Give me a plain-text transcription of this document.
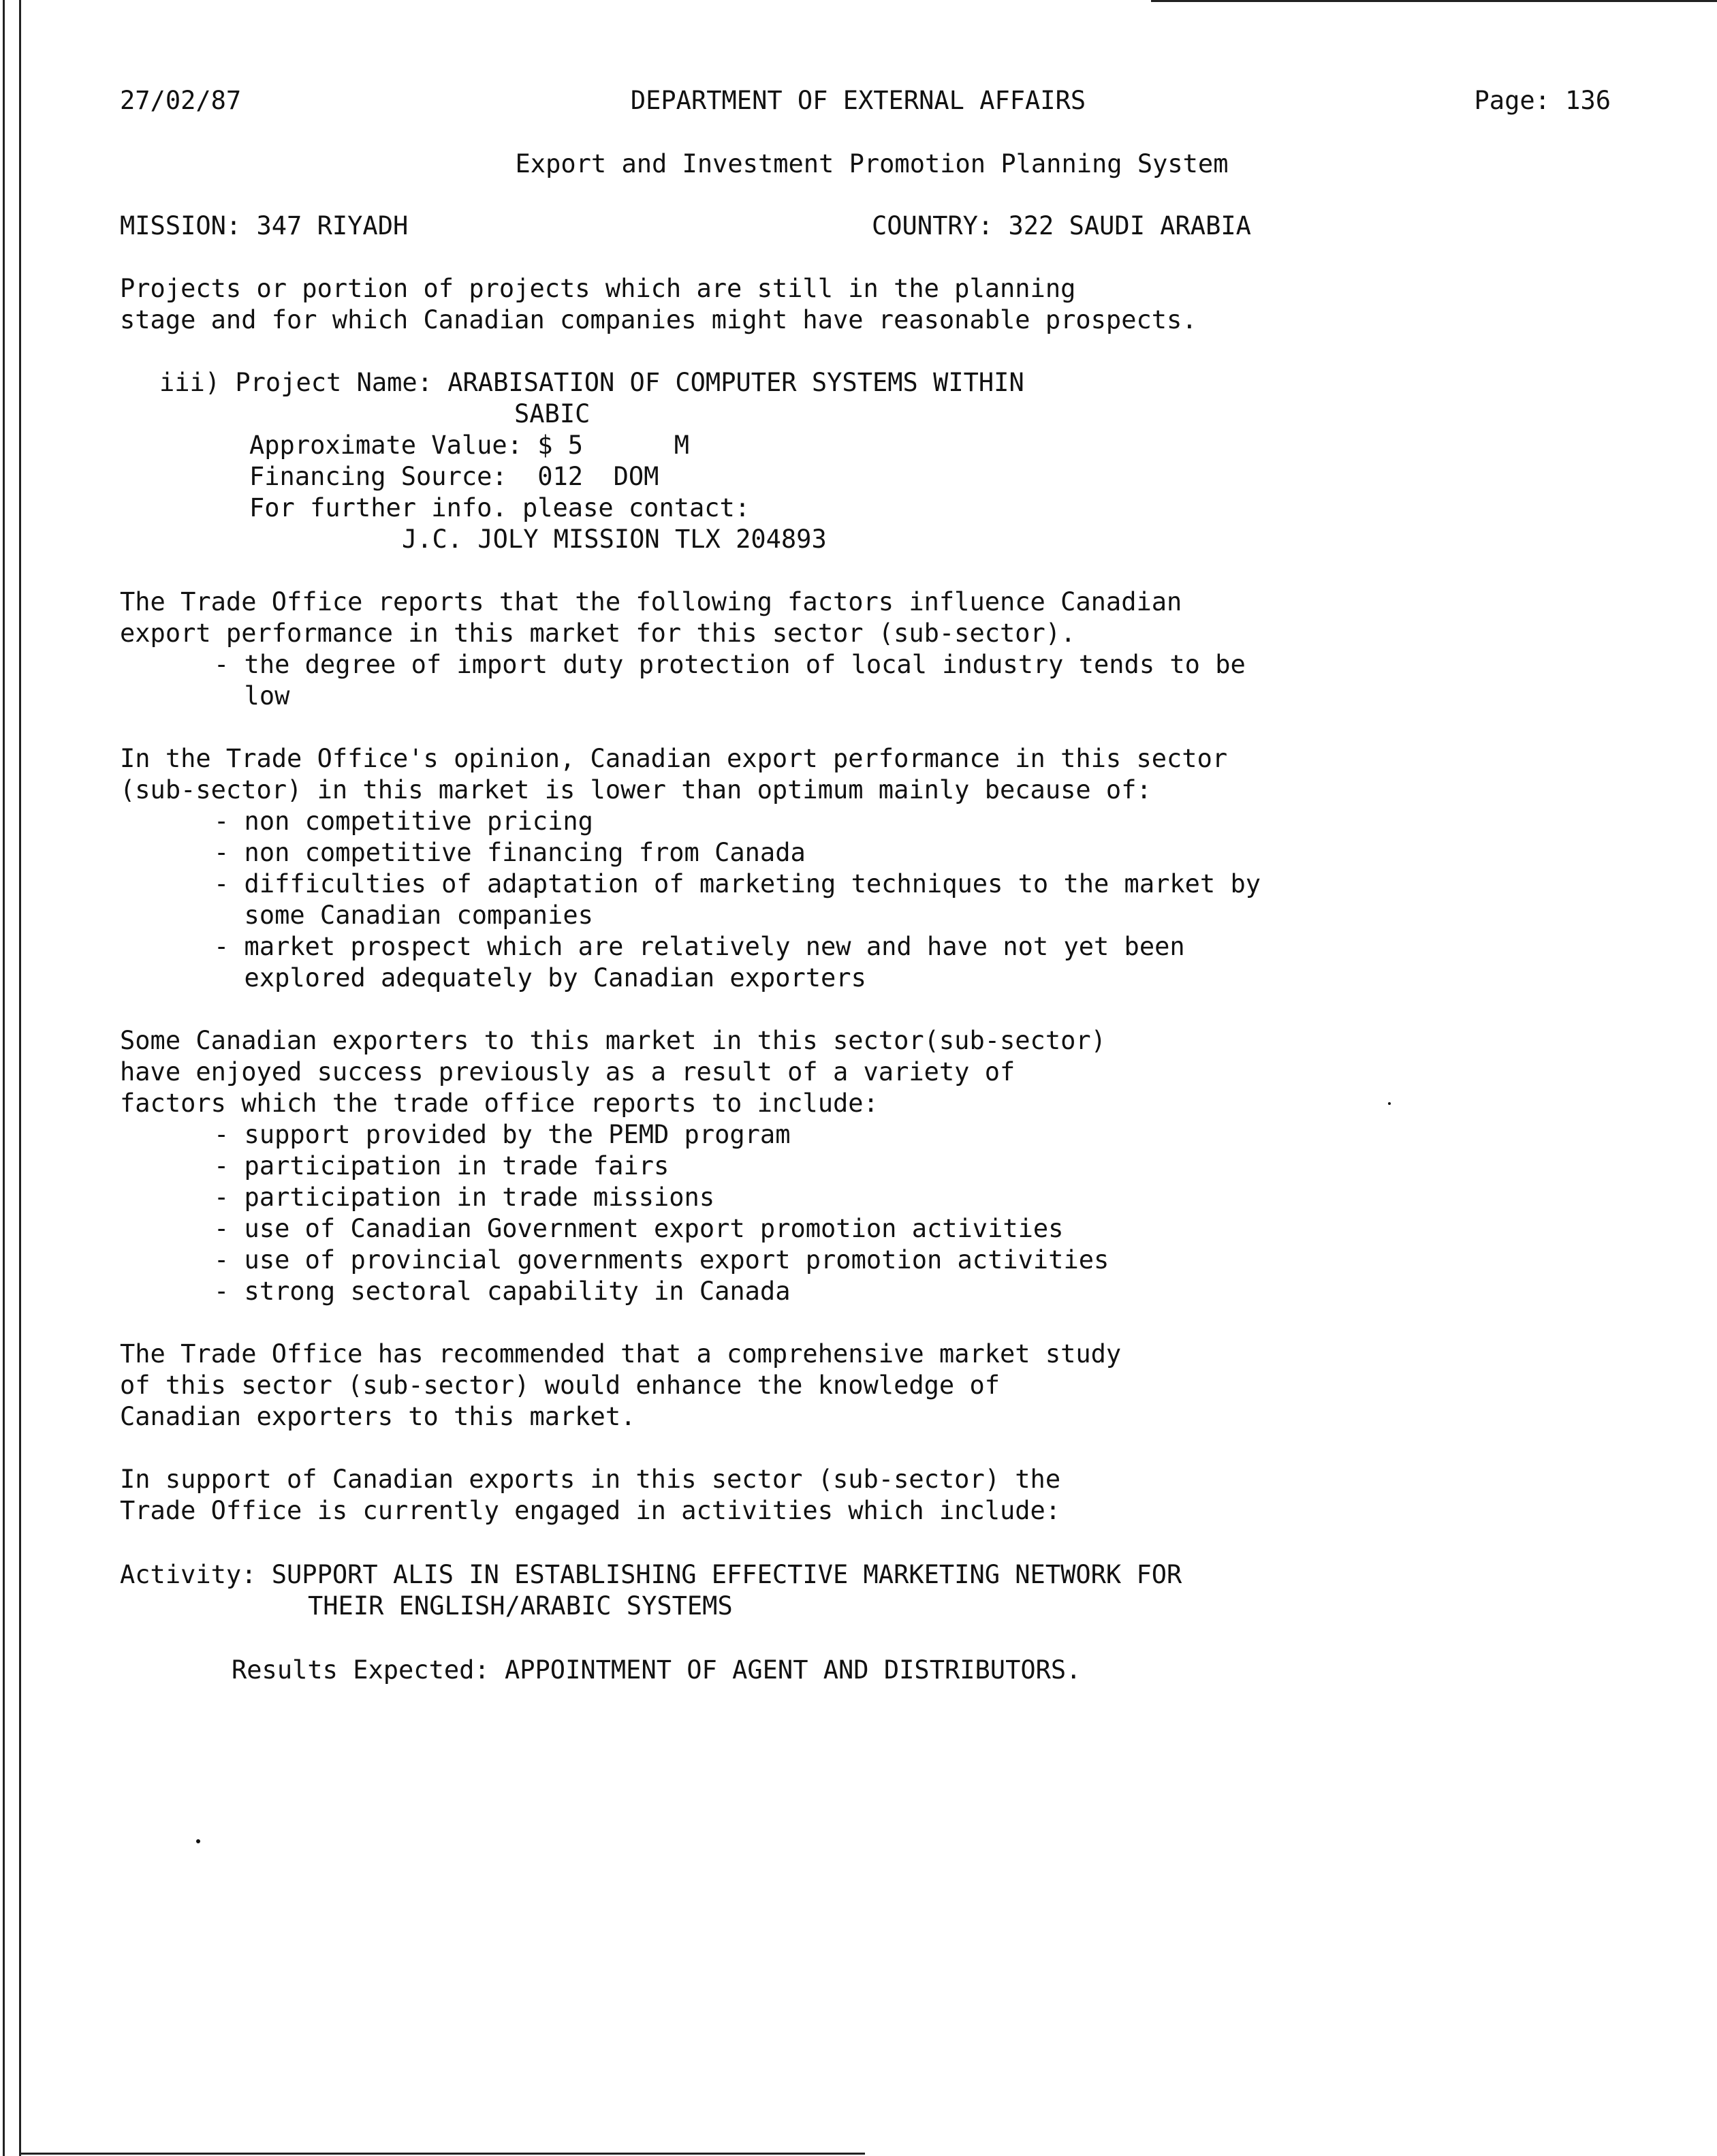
27/02/87	DEPARTMENT OF EXTERNAL AFFAIRS	Page: 136
Export and Investment Promotion Planning System
MISSION: 347 RIYADH	COUNTRY: 322 SAUDI ARABIA
Projects or portion of projects which are still in the planning
stage and for which Canadian companies might have reasonable prospects.
iii) Project Name: ARABISATION OF COMPUTER SYSTEMS WITHIN
SABIC
Approximate Value: $ 5      M
Financing Source:  012  DOM
For further info. please contact:
J.C. JOLY MISSION TLX 204893
The Trade Office reports that the following factors influence Canadian
export performance in this market for this sector (sub-sector).
- the degree of import duty protection of local industry tends to be
low
In the Trade Office's opinion, Canadian export performance in this sector
(sub-sector) in this market is lower than optimum mainly because of:
- non competitive pricing
- non competitive financing from Canada
- difficulties of adaptation of marketing techniques to the market by
some Canadian companies
- market prospect which are relatively new and have not yet been
explored adequately by Canadian exporters
Some Canadian exporters to this market in this sector(sub-sector)
have enjoyed success previously as a result of a variety of
factors which the trade office reports to include:
- support provided by the PEMD program
- participation in trade fairs
- participation in trade missions
- use of Canadian Government export promotion activities
- use of provincial governments export promotion activities
- strong sectoral capability in Canada
The Trade Office has recommended that a comprehensive market study
of this sector (sub-sector) would enhance the knowledge of
Canadian exporters to this market.
In support of Canadian exports in this sector (sub-sector) the
Trade Office is currently engaged in activities which include:
Activity: SUPPORT ALIS IN ESTABLISHING EFFECTIVE MARKETING NETWORK FOR
THEIR ENGLISH/ARABIC SYSTEMS
Results Expected: APPOINTMENT OF AGENT AND DISTRIBUTORS.
